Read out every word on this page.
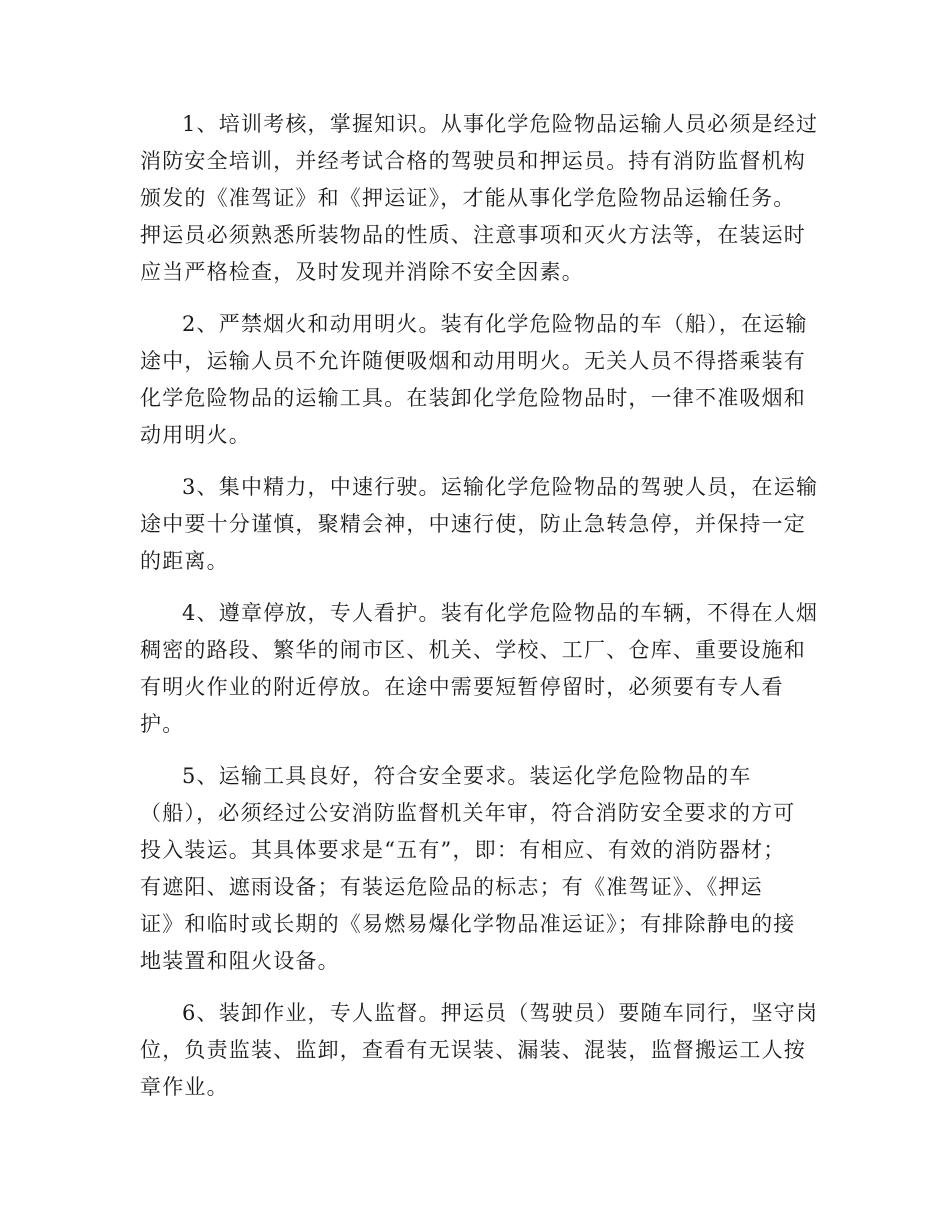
1、培训考核，掌握知识。从事化学危险物品运输人员必须是经过
消防安全培训，并经考试合格的驾驶员和押运员。持有消防监督机构
颁发的《准驾证》和《押运证》，才能从事化学危险物品运输任务。
押运员必须熟悉所装物品的性质、注意事项和灭火方法等，在装运时
应当严格检查，及时发现并消除不安全因素。

2、严禁烟火和动用明火。装有化学危险物品的车（船），在运输
途中，运输人员不允许随便吸烟和动用明火。无关人员不得搭乘装有
化学危险物品的运输工具。在装卸化学危险物品时，一律不准吸烟和
动用明火。

3、集中精力，中速行驶。运输化学危险物品的驾驶人员，在运输
途中要十分谨慎，聚精会神，中速行使，防止急转急停，并保持一定
的距离。

4、遵章停放，专人看护。装有化学危险物品的车辆，不得在人烟
稠密的路段、繁华的闹市区、机关、学校、工厂、仓库、重要设施和
有明火作业的附近停放。在途中需要短暂停留时，必须要有专人看
护。

5、运输工具良好，符合安全要求。装运化学危险物品的车
（船），必须经过公安消防监督机关年审，符合消防安全要求的方可
投入装运。其具体要求是“五有”，即：有相应、有效的消防器材；
有遮阳、遮雨设备；有装运危险品的标志；有《准驾证》、《押运
证》和临时或长期的《易燃易爆化学物品准运证》；有排除静电的接
地装置和阻火设备。

6、装卸作业，专人监督。押运员（驾驶员）要随车同行，坚守岗
位，负责监装、监卸，查看有无误装、漏装、混装，监督搬运工人按
章作业。
